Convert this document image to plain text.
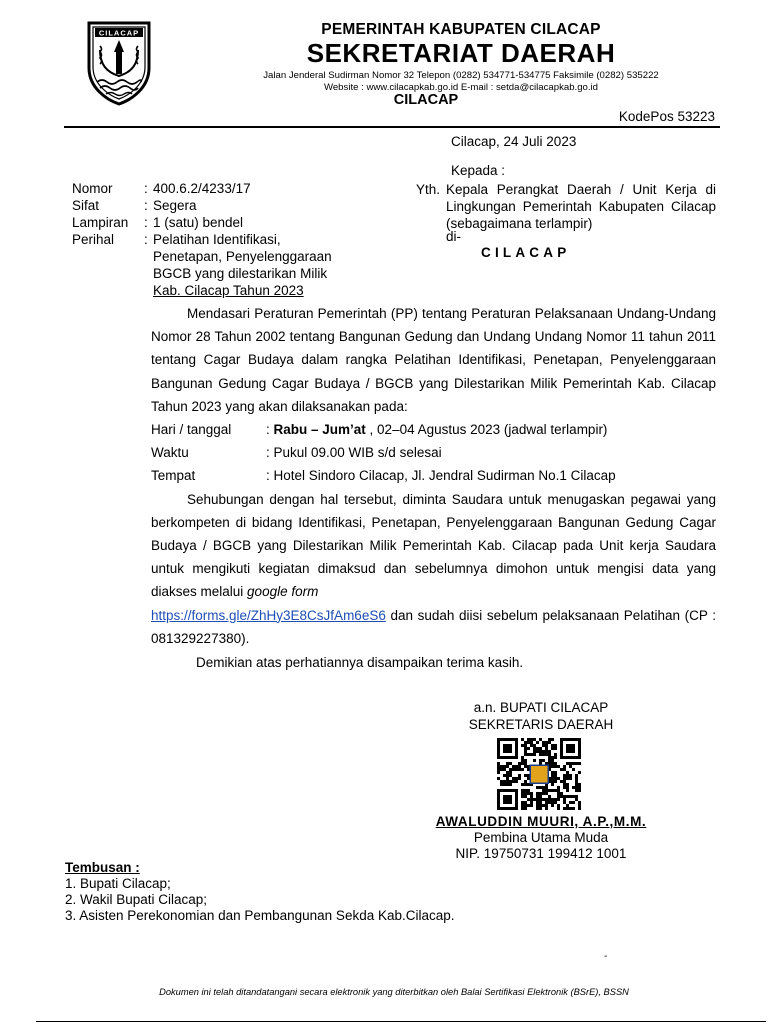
CILACAP	PEMERINTAH KABUPATEN CILACAP
SEKRETARIAT DAERAH
Jalan Jenderal Sudirman Nomor 32 Telepon (0282) 534771-534775 Faksimile (0282) 535222
Website : www.cilacapkab.go.id E-mail : setda@cilacapkab.go.id
CILACAP
KodePos 53223
Cilacap, 24 Juli 2023
Kepada :
Yth. Kepala Perangkat Daerah / Unit Kerja di Lingkungan Pemerintah Kabupaten Cilacap (sebagaimana terlampir)
di-
CILACAP
Nomor	: 400.6.2/4233/17
Sifat	: Segera
Lampiran	: 1 (satu) bendel
Perihal	: Pelatihan Identifikasi,
Penetapan, Penyelenggaraan
BGCB yang dilestarikan Milik
Kab. Cilacap Tahun 2023

Mendasari Peraturan Pemerintah (PP) tentang Peraturan Pelaksanaan Undang-Undang Nomor 28 Tahun 2002 tentang Bangunan Gedung dan Undang Undang Nomor 11 tahun 2011 tentang Cagar Budaya dalam rangka Pelatihan Identifikasi, Penetapan, Penyelenggaraan Bangunan Gedung Cagar Budaya / BGCB yang Dilestarikan Milik Pemerintah Kab. Cilacap Tahun 2023 yang akan dilaksanakan pada:

Hari / tanggal	: Rabu – Jum’at , 02–04 Agustus 2023 (jadwal terlampir)
Waktu	: Pukul 09.00 WIB s/d selesai
Tempat	: Hotel Sindoro Cilacap, Jl. Jendral Sudirman No.1 Cilacap

Sehubungan dengan hal tersebut, diminta Saudara untuk menugaskan pegawai yang berkompeten di bidang Identifikasi, Penetapan, Penyelenggaraan Bangunan Gedung Cagar Budaya / BGCB yang Dilestarikan Milik Pemerintah Kab. Cilacap pada Unit kerja Saudara untuk mengikuti kegiatan dimaksud dan sebelumnya dimohon untuk mengisi data yang diakses melalui google form
https://forms.gle/ZhHy3E8CsJfAm6eS6 dan sudah diisi sebelum pelaksanaan Pelatihan (CP : 081329227380).

Demikian atas perhatiannya disampaikan terima kasih.

a.n. BUPATI CILACAP
SEKRETARIS DAERAH
AWALUDDIN MUURI, A.P.,M.M.
Pembina Utama Muda
NIP. 19750731 199412 1001
Tembusan :
1. Bupati Cilacap;
2. Wakil Bupati Cilacap;
3. Asisten Perekonomian dan Pembangunan Sekda Kab.Cilacap.
-
Dokumen ini telah ditandatangani secara elektronik yang diterbitkan oleh Balai Sertifikasi Elektronik (BSrE), BSSN
